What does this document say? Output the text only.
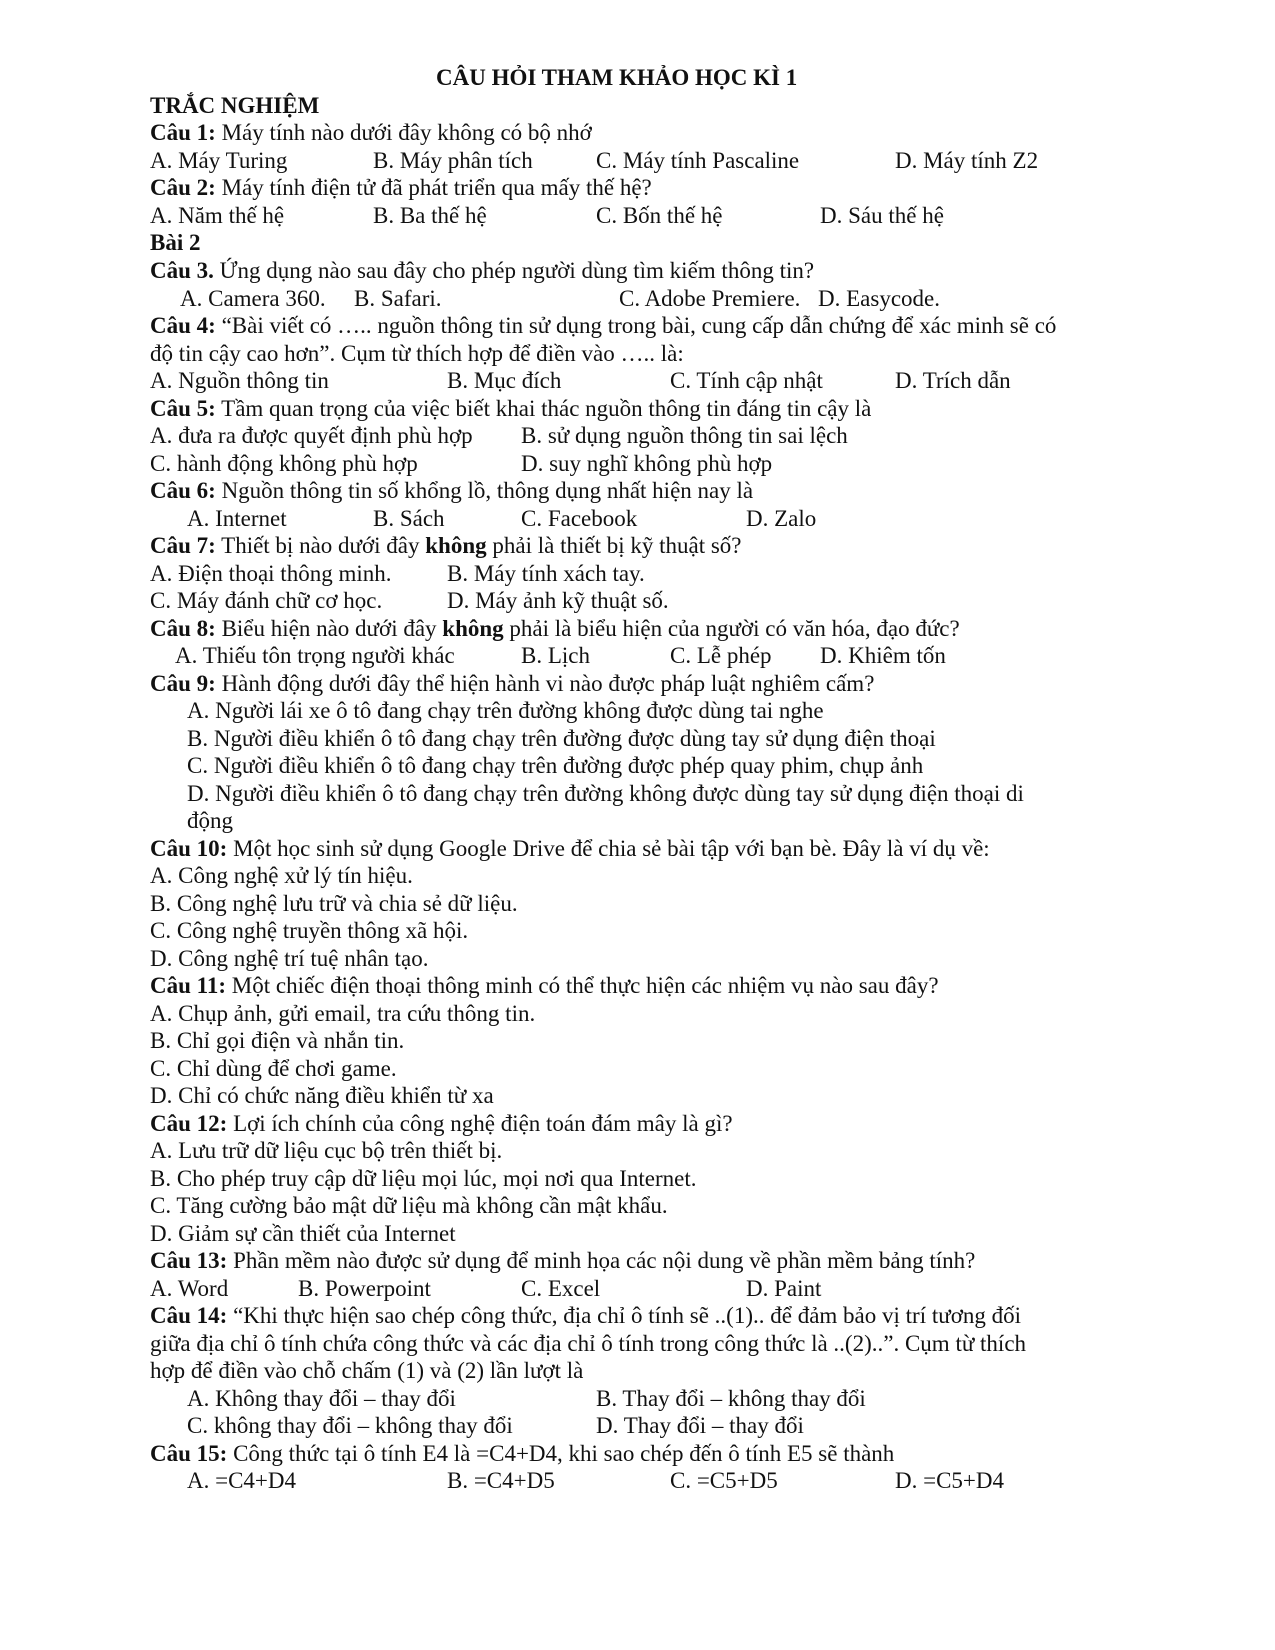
CÂU HỎI THAM KHẢO HỌC KÌ 1
TRẮC NGHIỆM
Câu 1: Máy tính nào dưới đây không có bộ nhớ
A. Máy Turing	B. Máy phân tích	C. Máy tính Pascaline	D. Máy tính Z2
Câu 2: Máy tính điện tử đã phát triển qua mấy thế hệ?
A. Năm thế hệ	B. Ba thế hệ	C. Bốn thế hệ	D. Sáu thế hệ
Bài 2
Câu 3. Ứng dụng nào sau đây cho phép người dùng tìm kiếm thông tin?
A. Camera 360. B. Safari.	C. Adobe Premiere. D. Easycode.
Câu 4: “Bài viết có ….. nguồn thông tin sử dụng trong bài, cung cấp dẫn chứng để xác minh sẽ có
độ tin cậy cao hơn”. Cụm từ thích hợp để điền vào ….. là:
A. Nguồn thông tin	B. Mục đích	C. Tính cập nhật	D. Trích dẫn
Câu 5: Tầm quan trọng của việc biết khai thác nguồn thông tin đáng tin cậy là
A. đưa ra được quyết định phù hợp B. sử dụng nguồn thông tin sai lệch
C. hành động không phù hợp	D. suy nghĩ không phù hợp
Câu 6: Nguồn thông tin số khổng lồ, thông dụng nhất hiện nay là
A. Internet	B. Sách	C. Facebook	D. Zalo
Câu 7: Thiết bị nào dưới đây không phải là thiết bị kỹ thuật số?
A. Điện thoại thông minh. B. Máy tính xách tay.
C. Máy đánh chữ cơ học.	D. Máy ảnh kỹ thuật số.
Câu 8: Biểu hiện nào dưới đây không phải là biểu hiện của người có văn hóa, đạo đức?
A. Thiếu tôn trọng người khác	B. Lịch	C. Lễ phép D. Khiêm tốn
Câu 9: Hành động dưới đây thể hiện hành vi nào được pháp luật nghiêm cấm?
A. Người lái xe ô tô đang chạy trên đường không được dùng tai nghe
B. Người điều khiển ô tô đang chạy trên đường được dùng tay sử dụng điện thoại
C. Người điều khiển ô tô đang chạy trên đường được phép quay phim, chụp ảnh
D. Người điều khiển ô tô đang chạy trên đường không được dùng tay sử dụng điện thoại di
động
Câu 10: Một học sinh sử dụng Google Drive để chia sẻ bài tập với bạn bè. Đây là ví dụ về:
A. Công nghệ xử lý tín hiệu.
B. Công nghệ lưu trữ và chia sẻ dữ liệu.
C. Công nghệ truyền thông xã hội.
D. Công nghệ trí tuệ nhân tạo.
Câu 11: Một chiếc điện thoại thông minh có thể thực hiện các nhiệm vụ nào sau đây?
A. Chụp ảnh, gửi email, tra cứu thông tin.
B. Chỉ gọi điện và nhắn tin.
C. Chỉ dùng để chơi game.
D. Chỉ có chức năng điều khiển từ xa
Câu 12: Lợi ích chính của công nghệ điện toán đám mây là gì?
A. Lưu trữ dữ liệu cục bộ trên thiết bị.
B. Cho phép truy cập dữ liệu mọi lúc, mọi nơi qua Internet.
C. Tăng cường bảo mật dữ liệu mà không cần mật khẩu.
D. Giảm sự cần thiết của Internet
Câu 13: Phần mềm nào được sử dụng để minh họa các nội dung về phần mềm bảng tính?
A. Word	B. Powerpoint	C. Excel	D. Paint
Câu 14: “Khi thực hiện sao chép công thức, địa chỉ ô tính sẽ ..(1).. để đảm bảo vị trí tương đối
giữa địa chỉ ô tính chứa công thức và các địa chỉ ô tính trong công thức là ..(2)..”. Cụm từ thích
hợp để điền vào chỗ chấm (1) và (2) lần lượt là
A. Không thay đổi – thay đổi	B. Thay đổi – không thay đổi
C. không thay đổi – không thay đổi	D. Thay đổi – thay đổi
Câu 15: Công thức tại ô tính E4 là =C4+D4, khi sao chép đến ô tính E5 sẽ thành
A. =C4+D4	B. =C4+D5	C. =C5+D5	D. =C5+D4
